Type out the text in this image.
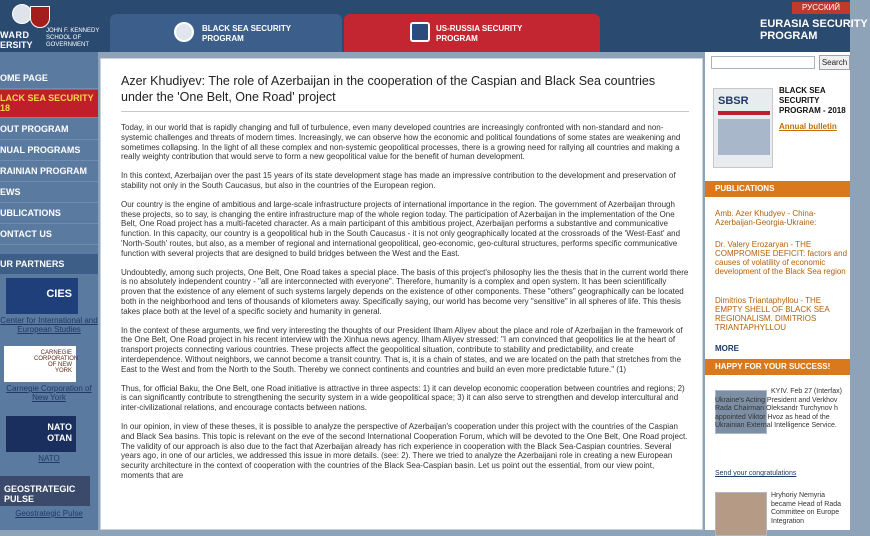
WARD
ERSITY
JOHN F. KENNEDY SCHOOL OF GOVERNMENT
BLACK SEA SECURITY PROGRAM
US-RUSSIA SECURITY PROGRAM
РУССКИЙ
EURASIA SECURITY PROGRAM
OME PAGE
LACK SEA SECURITY 18
OUT PROGRAM
NUAL PROGRAMS
RAINIAN PROGRAM
EWS
UBLICATIONS
ONTACT US
UR PARTNERS
CIES
Center for International and European Studies
CARNEGIE CORPORATION OF NEW YORK
Carnegie Corporation of New York
NATO OTAN
NATO
GEOSTRATEGIC PULSE
Geostrategic Pulse
Azer Khudiyev: The role of Azerbaijan in the cooperation of the Caspian and Black Sea countries under the 'One Belt, One Road' project

Today, in our world that is rapidly changing and full of turbulence, even many developed countries are increasingly confronted with non-standard and non-systemic challenges and threats of modern times. Increasingly, we can observe how the economic and political foundations of some states are weakening and sometimes collapsing. In the light of all these complex and non-systemic geopolitical processes, there is a growing need for rallying all countries and making a really weighty contribution that would serve to form a new geopolitical value for the benefit of human development.

In this context, Azerbaijan over the past 15 years of its state development stage has made an impressive contribution to the development and preservation of stability not only in the South Caucasus, but also in the countries of the European region.

Our country is the engine of ambitious and large-scale infrastructure projects of international importance in the region. The government of Azerbaijan through these projects, so to say, is changing the entire infrastructure map of the whole region today. The participation of Azerbaijan in the implementation of the One Belt, One Road project has a multi-faceted character. As a main participant of this ambitious project, Azerbaijan performs a substantive and communicative function. In this capacity, our country is a geopolitical hub in the South Caucasus - it is not only geographically located at the crossroads of the 'West-East' and 'North-South' routes, but also, as a member of regional and international geopolitical, geo-economic, geo-cultural structures, performs specific communicative function with several projects that are designed to build bridges between the West and the East.

Undoubtedly, among such projects, One Belt, One Road takes a special place. The basis of this project's philosophy lies the thesis that in the current world there is no absolutely independent country - "all are interconnected with everyone". Therefore, humanity is a complex and open system. It has been scientifically proven that the existence of any element of such systems largely depends on the existence of other components. These "others" geographically can be located both in the neighborhood and tens of thousands of kilometers away. Specifically saying, our world has become very "sensitive" in all spheres of life. This thesis takes place both at the level of a specific society and humanity in general.

In the context of these arguments, we find very interesting the thoughts of our President Ilham Aliyev about the place and role of Azerbaijan in the framework of the One Belt, One Road project in his recent interview with the Xinhua news agency. Ilham Aliyev stressed: "I am convinced that geopolitics lie at the heart of transport projects connecting various countries. These projects affect the geopolitical situation, contribute to stability and predictability, and create interdependence. Without neighbors, we cannot become a transit country. That is, it is a chain of states, and we are located on the path that stretches from the East to the West and from the North to the South. Thereby we connect continents and countries and build an even more predictable future." (1)

Thus, for official Baku, the One Belt, one Road initiative is attractive in three aspects: 1) it can develop economic cooperation between countries and regions; 2) is can significantly contribute to strengthening the security system in a wide geopolitical space; 3) it can also serve to strengthen and develop intercultural and inter-civilizational relations, and encourage contacts between nations.

In our opinion, in view of these theses, it is possible to analyze the perspective of Azerbaijan's cooperation under this project with the countries of the Caspian and Black Sea basins. This topic is relevant on the eve of the second International Cooperation Forum, which will be devoted to the One Belt, One Road project. The validity of our approach is also due to the fact that Azerbaijan already has rich experience in cooperation with the Black Sea-Caspian countries. Several years ago, in one of our articles, we addressed this issue in more details. (see: 2). There we tried to analyze the Azerbaijani role in creating a new European security architecture in the context of cooperation with the countries of the Black Sea-Caspian basin. Let us point out the essential, from our view point, moments that are

Search
SBSR
BLACK SEA SECURITY PROGRAM - 2018
Annual bulletin
PUBLICATIONS
Amb. Azer Khudyev - China-Azerbaijan-Georgia-Ukraine:
Dr. Valery Erozaryan - THE COMPROMISE DEFICIT: factors and causes of volatility of economic development of the Black Sea region
Dimitrios Triantaphyllou - THE EMPTY SHELL OF BLACK SEA REGIONALISM. DIMITRIOS TRIANTAPHYLLOU
MORE
HAPPY FOR YOUR SUCCESS!
KYIV. Feb 27 (Interfax) Ukraine's Acting President and Verkhov Rada Chairman Oleksandr Turchynov h appointed Viktor Hvoz as head of the Ukrainian External Intelligence Service.
Send your congratulations
Hryhoriy Nemyria became Head of Rada Committee on Europe Integration
